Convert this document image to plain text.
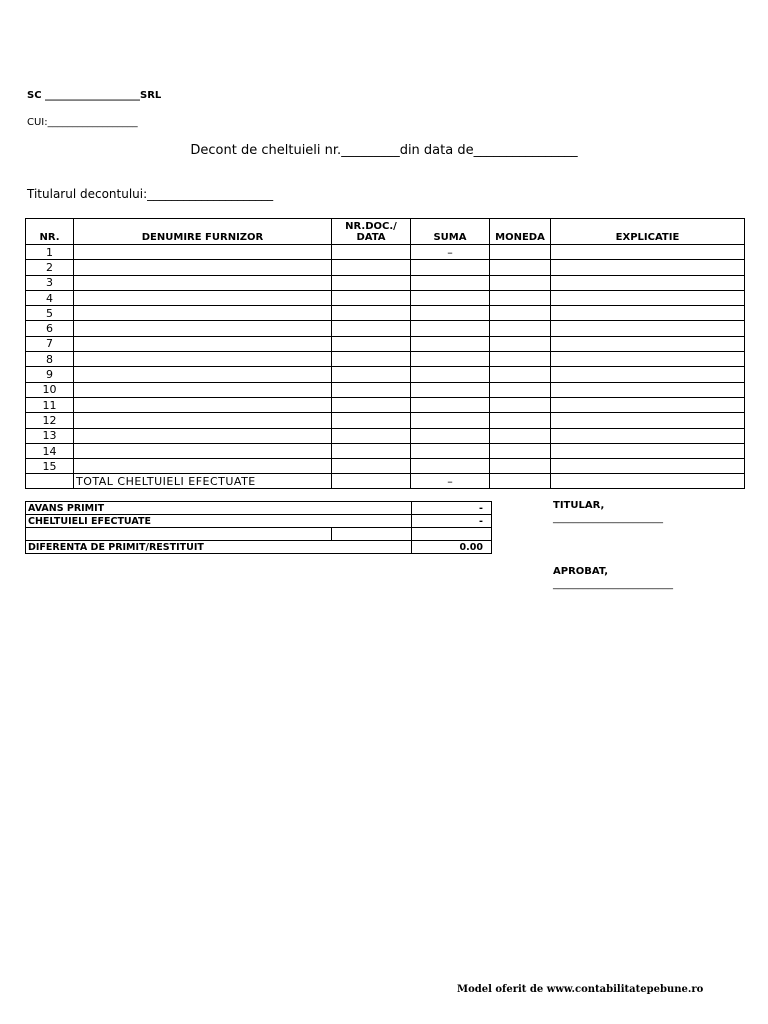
SC ___________________SRL
CUI:__________________
Decont de cheltuieli nr._________din data de________________
Titularul decontului:_____________________
NR.	DENUMIRE FURNIZOR	NR.DOC./ DATA	SUMA	MONEDA	EXPLICATIE
1			–		
2					
3					
4					
5					
6					
7					
8					
9					
10					
11					
12					
13					
14					
15					
	TOTAL CHELTUIELI EFECTUATE		–		
AVANS PRIMIT		-
CHELTUIELI EFECTUATE		-

DIFERENTA DE PRIMIT/RESTITUIT		0.00
TITULAR,
______________________
APROBAT,
________________________
Model oferit de www.contabilitatepebune.ro
